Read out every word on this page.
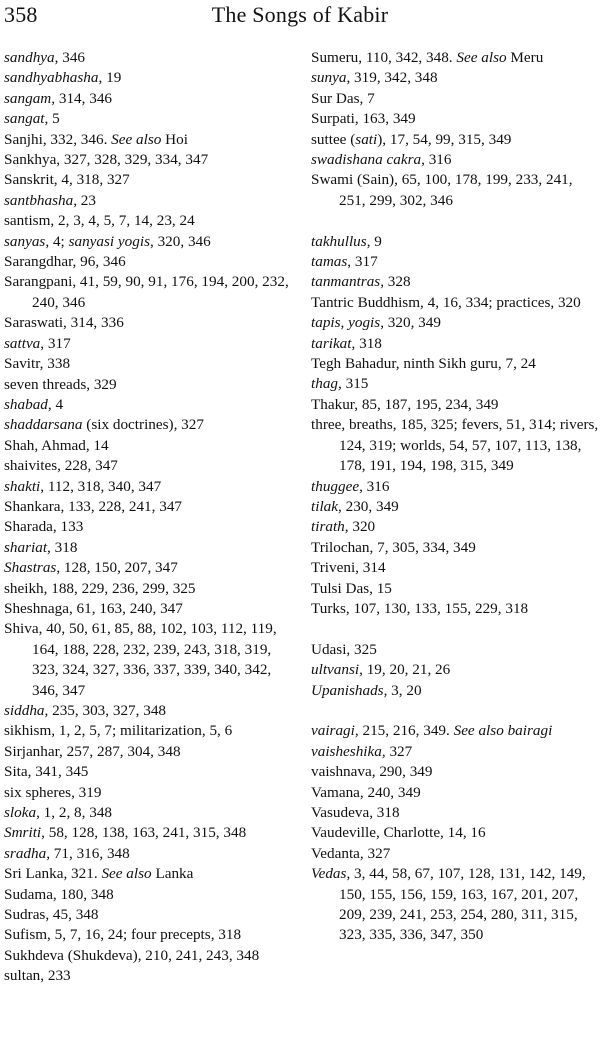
358	The Songs of Kabir

sandhya, 346

sandhyabhasha, 19

sangam, 314, 346

sangat, 5

Sanjhi, 332, 346. See also Hoi

Sankhya, 327, 328, 329, 334, 347

Sanskrit, 4, 318, 327

santbhasha, 23

santism, 2, 3, 4, 5, 7, 14, 23, 24

sanyas, 4; sanyasi yogis, 320, 346

Sarangdhar, 96, 346

Sarangpani, 41, 59, 90, 91, 176, 194, 200, 232, 240, 346

Saraswati, 314, 336

sattva, 317

Savitr, 338

seven threads, 329

shabad, 4

shaddarsana (six doctrines), 327

Shah, Ahmad, 14

shaivites, 228, 347

shakti, 112, 318, 340, 347

Shankara, 133, 228, 241, 347

Sharada, 133

shariat, 318

Shastras, 128, 150, 207, 347

sheikh, 188, 229, 236, 299, 325

Sheshnaga, 61, 163, 240, 347

Shiva, 40, 50, 61, 85, 88, 102, 103, 112, 119, 164, 188, 228, 232, 239, 243, 318, 319, 323, 324, 327, 336, 337, 339, 340, 342, 346, 347

siddha, 235, 303, 327, 348

sikhism, 1, 2, 5, 7; militarization, 5, 6

Sirjanhar, 257, 287, 304, 348

Sita, 341, 345

six spheres, 319

sloka, 1, 2, 8, 348

Smriti, 58, 128, 138, 163, 241, 315, 348

sradha, 71, 316, 348

Sri Lanka, 321. See also Lanka

Sudama, 180, 348

Sudras, 45, 348

Sufism, 5, 7, 16, 24; four precepts, 318

Sukhdeva (Shukdeva), 210, 241, 243, 348

sultan, 233

Sumeru, 110, 342, 348. See also Meru

sunya, 319, 342, 348

Sur Das, 7

Surpati, 163, 349

suttee (sati), 17, 54, 99, 315, 349

swadishana cakra, 316

Swami (Sain), 65, 100, 178, 199, 233, 241, 251, 299, 302, 346

takhullus, 9

tamas, 317

tanmantras, 328

Tantric Buddhism, 4, 16, 334; practices, 320

tapis, yogis, 320, 349

tarikat, 318

Tegh Bahadur, ninth Sikh guru, 7, 24

thag, 315

Thakur, 85, 187, 195, 234, 349

three, breaths, 185, 325; fevers, 51, 314; rivers, 124, 319; worlds, 54, 57, 107, 113, 138, 178, 191, 194, 198, 315, 349

thuggee, 316

tilak, 230, 349

tirath, 320

Trilochan, 7, 305, 334, 349

Triveni, 314

Tulsi Das, 15

Turks, 107, 130, 133, 155, 229, 318

Udasi, 325

ultvansi, 19, 20, 21, 26

Upanishads, 3, 20

vairagi, 215, 216, 349. See also bairagi

vaisheshika, 327

vaishnava, 290, 349

Vamana, 240, 349

Vasudeva, 318

Vaudeville, Charlotte, 14, 16

Vedanta, 327

Vedas, 3, 44, 58, 67, 107, 128, 131, 142, 149, 150, 155, 156, 159, 163, 167, 201, 207, 209, 239, 241, 253, 254, 280, 311, 315, 323, 335, 336, 347, 350
